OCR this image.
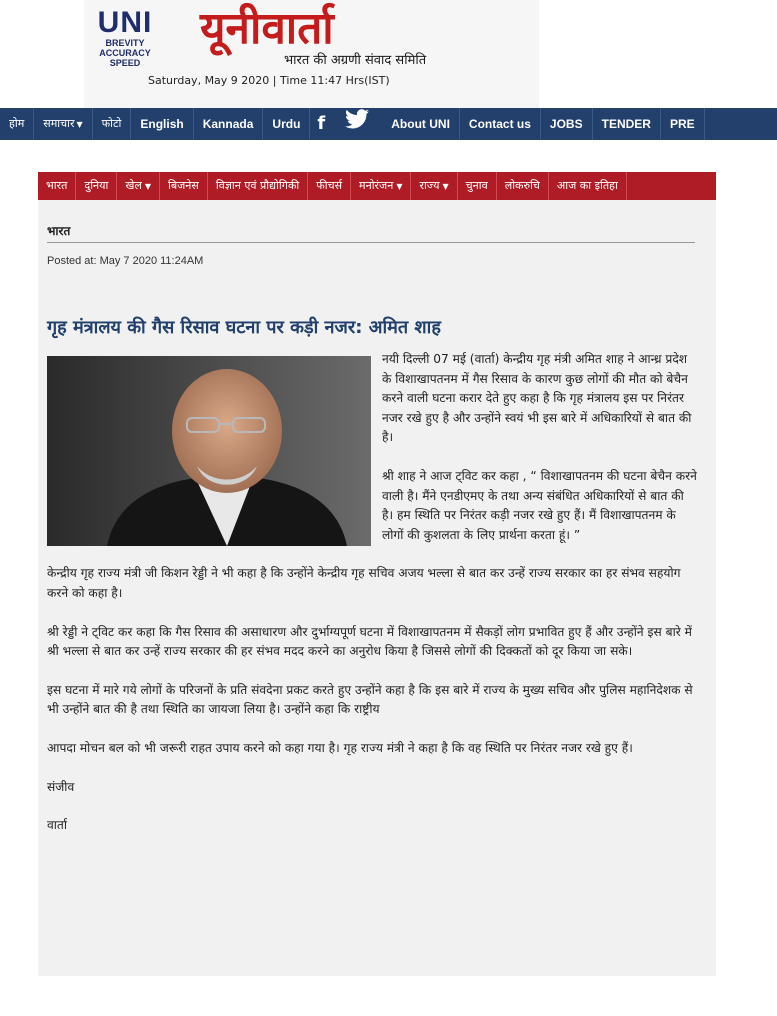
UNI
BREVITY
ACCURACY
SPEED
यूनीवार्ता
भारत की अग्रणी संवाद समिति
Saturday, May 9 2020 | Time 11:47 Hrs(IST)
होम	समाचार ▼	फोटो	English	Kannada	Urdu f	About UNI	Contact us	JOBS	TENDER	PRE
भारत	दुनिया	खेल ▼	बिजनेस	विज्ञान एवं प्रौद्योगिकी	फीचर्स	मनोरंजन ▼	राज्य ▼	चुनाव	लोकरुचि	आज का इतिहा
भारत
Posted at: May 7 2020 11:24AM
गृह मंत्रालय की गैस रिसाव घटना पर कड़ी नजर: अमित शाह

नयी दिल्ली 07 मई (वार्ता) केन्द्रीय गृह मंत्री अमित शाह ने आन्ध्र प्रदेश के विशाखापतनम में गैस रिसाव के कारण कुछ लोगों की मौत को बेचैन करने वाली घटना करार देते हुए कहा है कि गृह मंत्रालय इस पर निरंतर नजर रखे हुए है और उन्होंने स्वयं भी इस बारे में अधिकारियों से बात की है।

श्री शाह ने आज ट्विट कर कहा , “ विशाखापतनम की घटना बेचैन करने वाली है। मैंने एनडीएमए के तथा अन्य संबंधित अधिकारियों से बात की है। हम स्थिति पर निरंतर कड़ी नजर रखे हुए हैं। मैं विशाखापतनम के लोगों की कुशलता के लिए प्रार्थना करता हूं। ”

केन्द्रीय गृह राज्य मंत्री जी किशन रेड्डी ने भी कहा है कि उन्होंने केन्द्रीय गृह सचिव अजय भल्ला से बात कर उन्हें राज्य सरकार का हर संभव सहयोग करने को कहा है।

श्री रेड्डी ने ट्विट कर कहा कि गैस रिसाव की असाधारण और दुर्भाग्यपूर्ण घटना में विशाखापतनम में सैकड़ों लोग प्रभावित हुए हैं और उन्होंने इस बारे में श्री भल्ला से बात कर उन्हें राज्य सरकार की हर संभव मदद करने का अनुरोध किया है जिससे लोगों की दिक्कतों को दूर किया जा सके।

इस घटना में मारे गये लोगों के परिजनों के प्रति संवदेना प्रकट करते हुए उन्होंने कहा है कि इस बारे में राज्य के मुख्य सचिव और पुलिस महानिदेशक से भी उन्होंने बात की है तथा स्थिति का जायजा लिया है। उन्होंने कहा कि राष्ट्रीय

आपदा मोचन बल को भी जरूरी राहत उपाय करने को कहा गया है। गृह राज्य मंत्री ने कहा है कि वह स्थिति पर निरंतर नजर रखे हुए हैं।

संजीव

वार्ता
